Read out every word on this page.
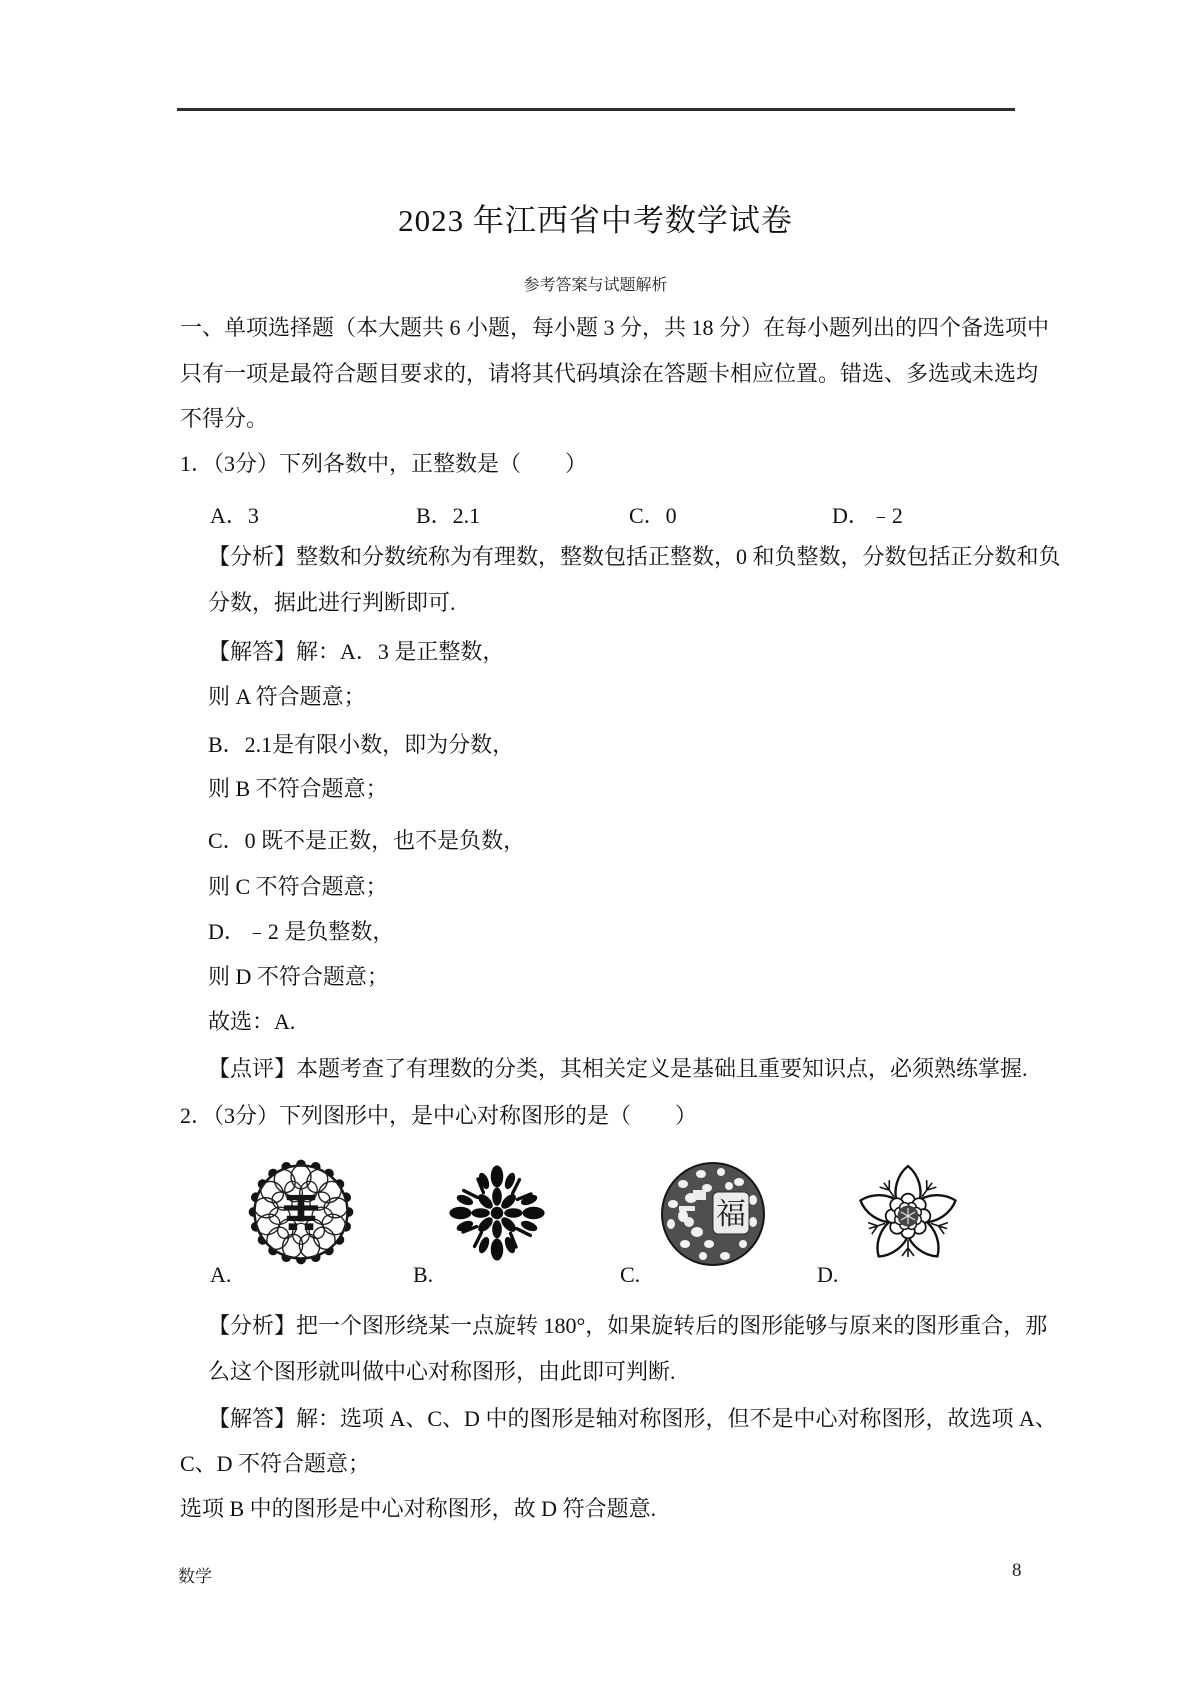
2023 年江西省中考数学试卷
参考答案与试题解析
一、单项选择题（本大题共 6 小题，每小题 3 分，共 18 分）在每小题列出的四个备选项中
只有一项是最符合题目要求的，请将其代码填涂在答题卡相应位置。错选、多选或未选均
不得分。
1．（3分）下列各数中，正整数是（　　）
A．3	B．2.1	C．0	D．﹣2
【分析】整数和分数统称为有理数，整数包括正整数，0 和负整数，分数包括正分数和负
分数，据此进行判断即可.
【解答】解：A．3 是正整数，
则 A 符合题意；
B．2.1是有限小数，即为分数，
则 B 不符合题意；
C．0 既不是正数，也不是负数，
则 C 不符合题意；
D．﹣2 是负整数，
则 D 不符合题意；
故选：A.
【点评】本题考查了有理数的分类，其相关定义是基础且重要知识点，必须熟练掌握.
2．（3分）下列图形中，是中心对称图形的是（　　）
福
A.	B.	C.	D.
【分析】把一个图形绕某一点旋转 180°，如果旋转后的图形能够与原来的图形重合，那
么这个图形就叫做中心对称图形，由此即可判断.
【解答】解：选项 A、C、D 中的图形是轴对称图形，但不是中心对称图形，故选项 A、
C、D 不符合题意；
选项 B 中的图形是中心对称图形，故 D 符合题意.
数学	8
